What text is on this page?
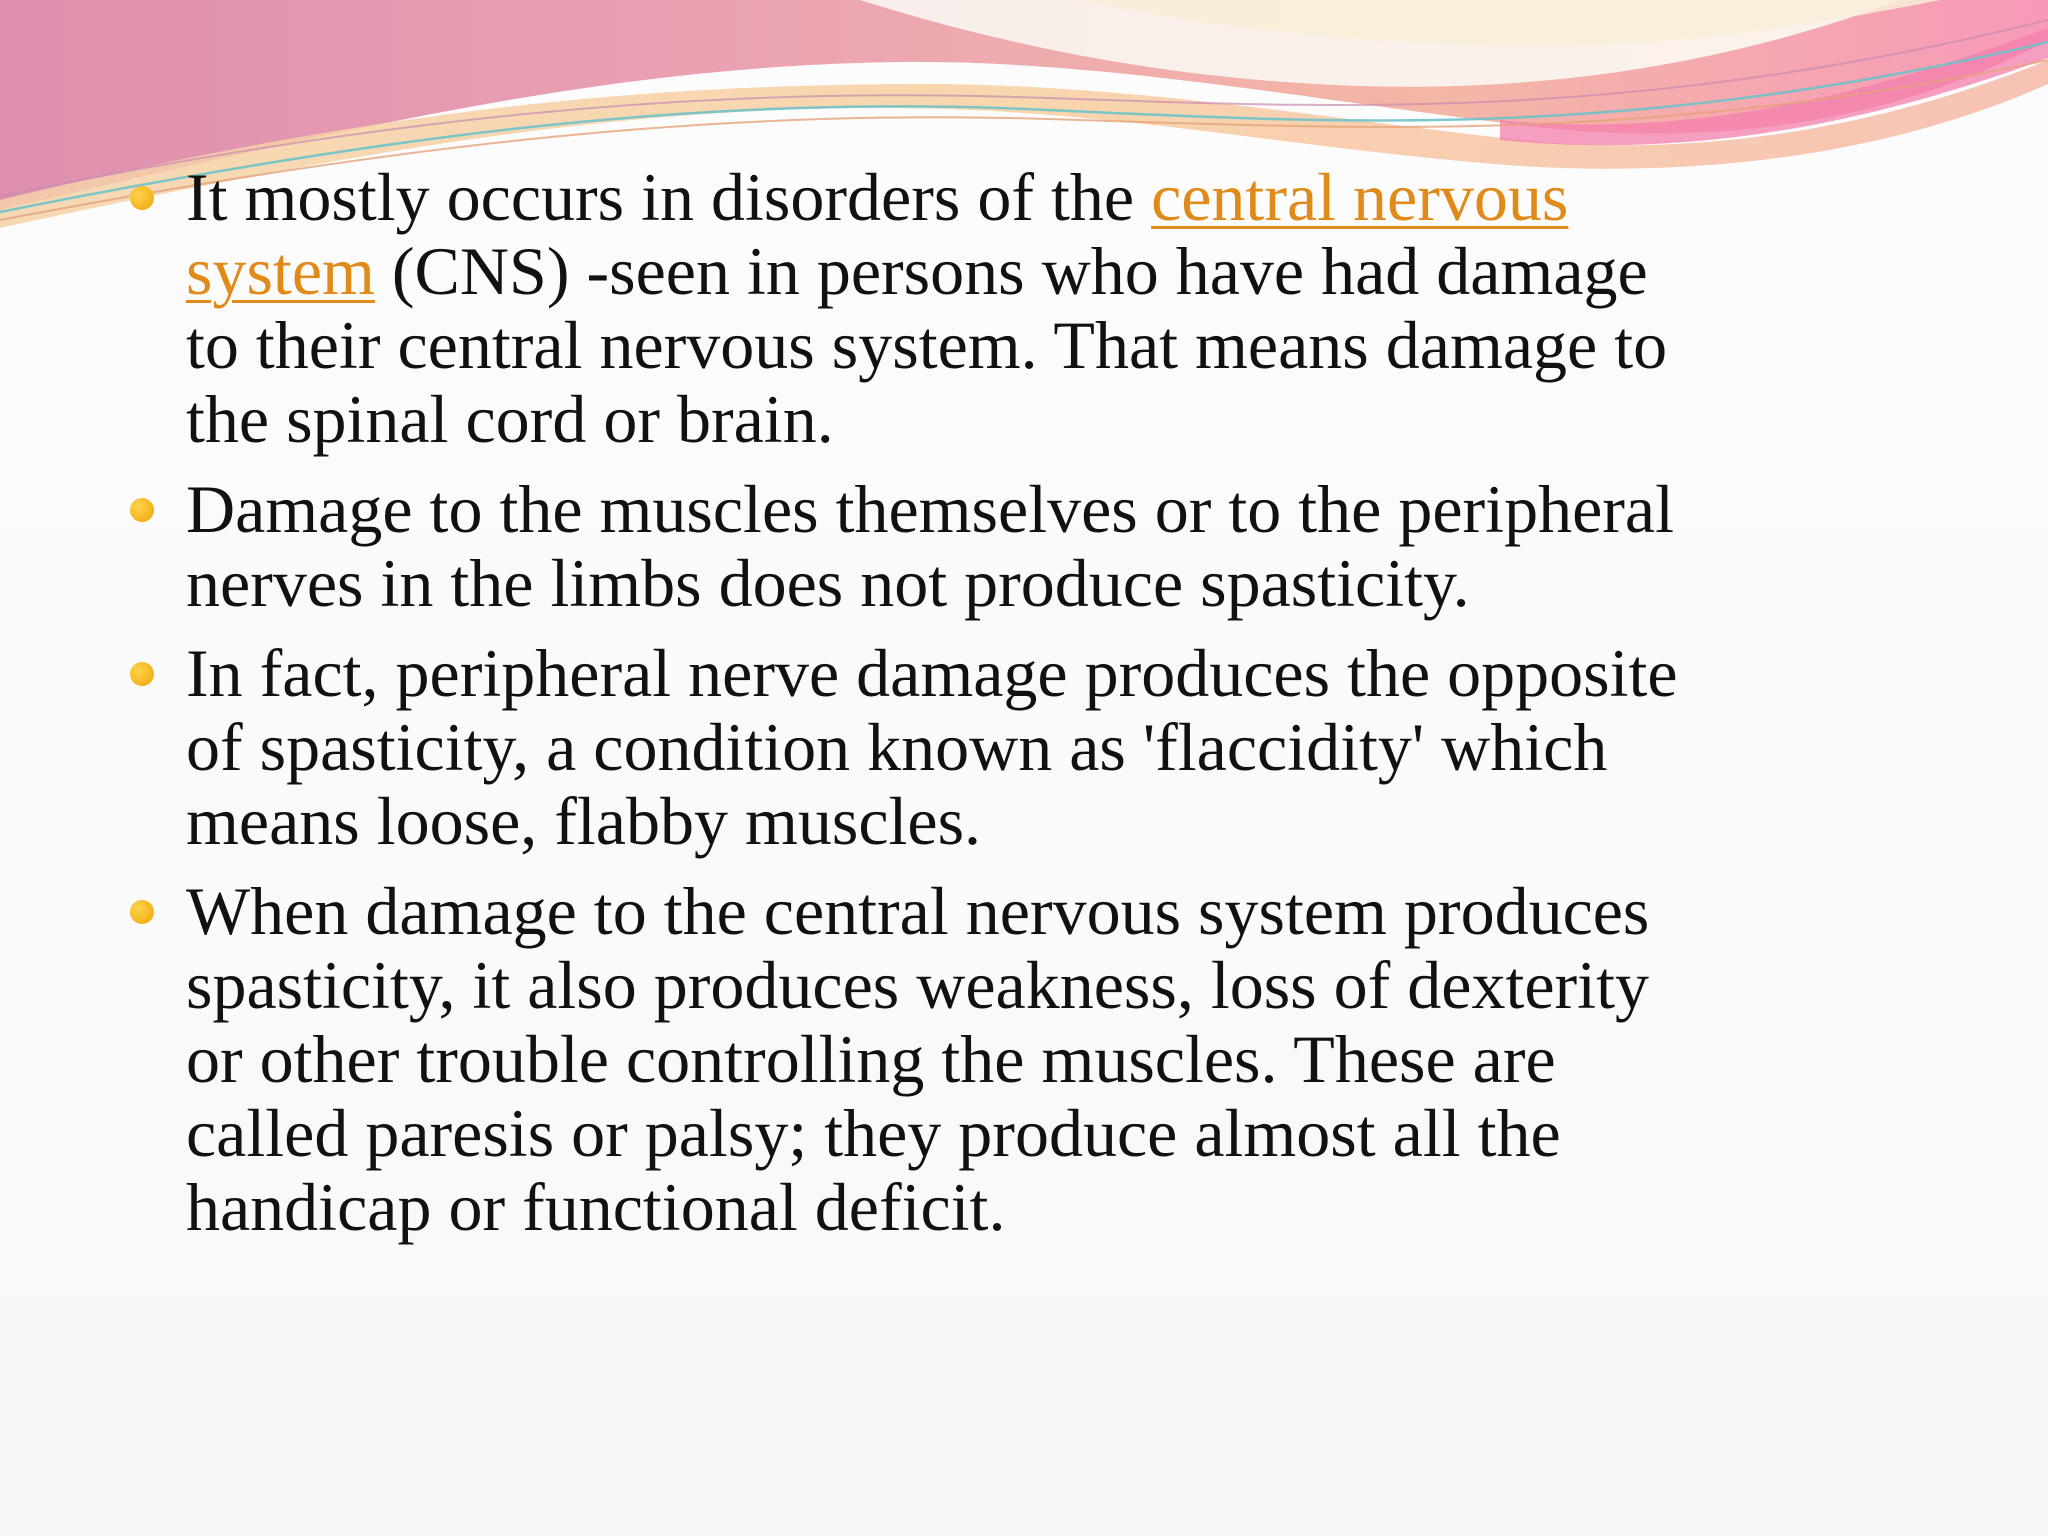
It mostly occurs in disorders of the central nervous system (CNS) -seen in persons who have had damage to their central nervous system. That means damage to the spinal cord or brain.
Damage to the muscles themselves or to the peripheral nerves in the limbs does not produce spasticity.
In fact, peripheral nerve damage produces the opposite of spasticity, a condition known as 'flaccidity' which means loose, flabby muscles.
When damage to the central nervous system produces spasticity, it also produces weakness, loss of dexterity or other trouble controlling the muscles. These are called paresis or palsy; they produce almost all the handicap or functional deficit.
